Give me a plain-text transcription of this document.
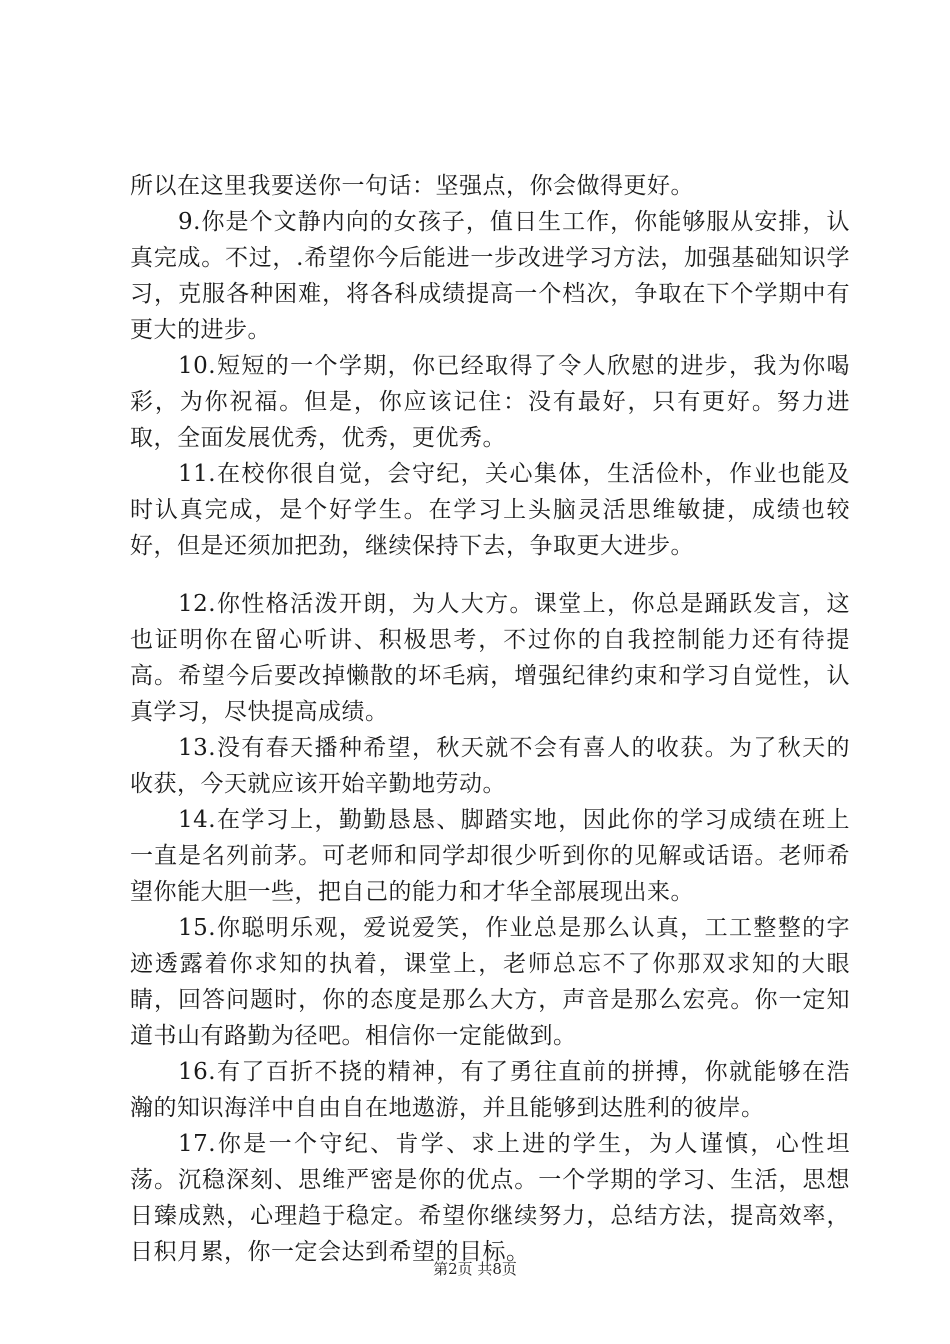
所以在这里我要送你一句话：坚强点，你会做得更好。

9.你是个文静内向的女孩子，值日生工作，你能够服从安排，认真完成。不过，.希望你今后能进一步改进学习方法，加强基础知识学习，克服各种困难，将各科成绩提高一个档次，争取在下个学期中有更大的进步。

10.短短的一个学期，你已经取得了令人欣慰的进步，我为你喝彩，为你祝福。但是，你应该记住：没有最好，只有更好。努力进取，全面发展优秀，优秀，更优秀。

11.在校你很自觉，会守纪，关心集体，生活俭朴，作业也能及时认真完成，是个好学生。在学习上头脑灵活思维敏捷，成绩也较好，但是还须加把劲，继续保持下去，争取更大进步。

12.你性格活泼开朗，为人大方。课堂上，你总是踊跃发言，这也证明你在留心听讲、积极思考，不过你的自我控制能力还有待提高。希望今后要改掉懒散的坏毛病，增强纪律约束和学习自觉性，认真学习，尽快提高成绩。

13.没有春天播种希望，秋天就不会有喜人的收获。为了秋天的收获，今天就应该开始辛勤地劳动。

14.在学习上，勤勤恳恳、脚踏实地，因此你的学习成绩在班上一直是名列前茅。可老师和同学却很少听到你的见解或话语。老师希望你能大胆一些，把自己的能力和才华全部展现出来。

15.你聪明乐观，爱说爱笑，作业总是那么认真，工工整整的字迹透露着你求知的执着，课堂上，老师总忘不了你那双求知的大眼睛，回答问题时，你的态度是那么大方，声音是那么宏亮。你一定知道书山有路勤为径吧。相信你一定能做到。

16.有了百折不挠的精神，有了勇往直前的拼搏，你就能够在浩瀚的知识海洋中自由自在地遨游，并且能够到达胜利的彼岸。

17.你是一个守纪、肯学、求上进的学生，为人谨慎，心性坦荡。沉稳深刻、思维严密是你的优点。一个学期的学习、生活，思想日臻成熟，心理趋于稳定。希望你继续努力，总结方法，提高效率，日积月累，你一定会达到希望的目标。

第2页 共8页
